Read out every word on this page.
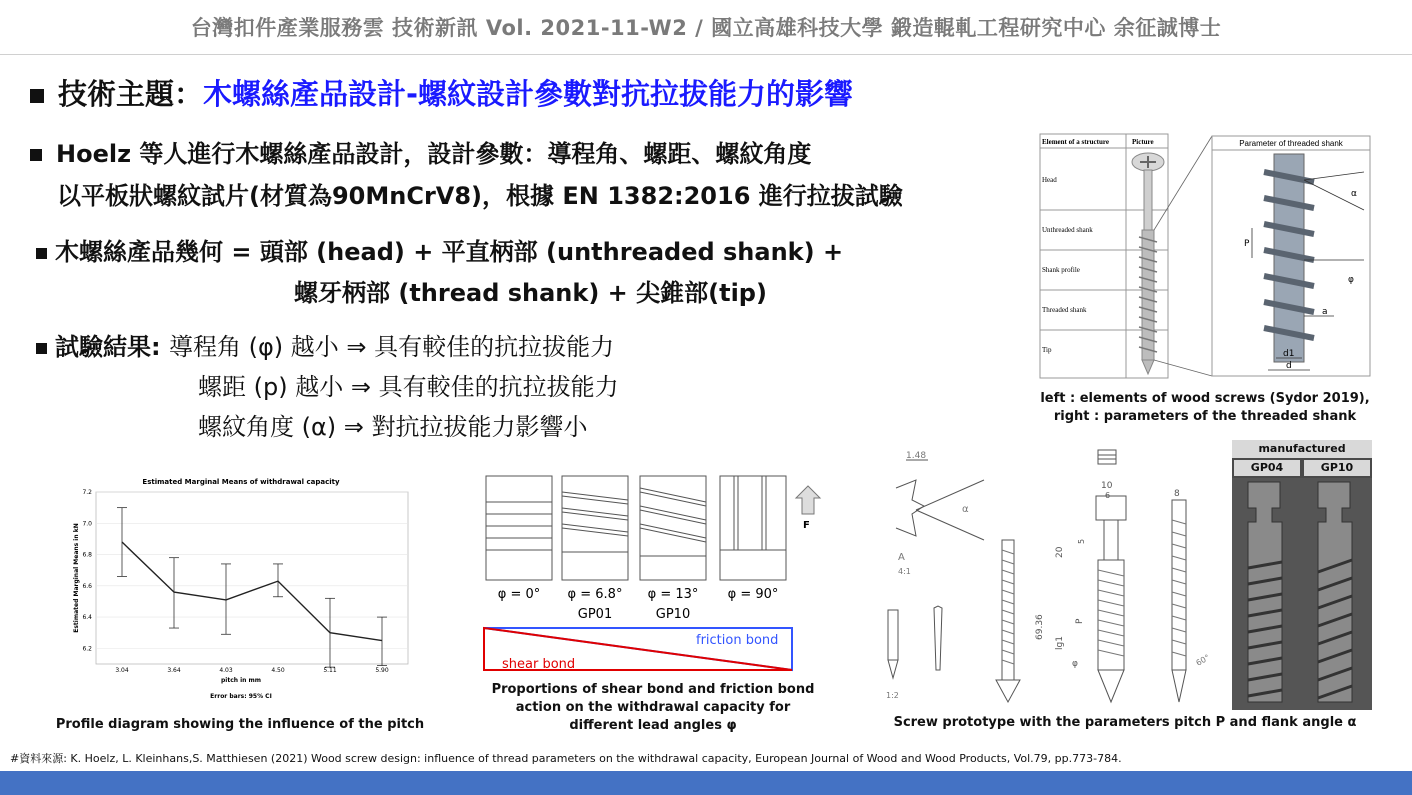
台灣扣件產業服務雲 技術新訊 Vol. 2021-11-W2 / 國立高雄科技大學 鍛造輥軋工程研究中心 余征誠博士
技術主題：木螺絲產品設計-螺紋設計參數對抗拉拔能力的影響
Hoelz 等人進行木螺絲產品設計，設計參數：導程角、螺距、螺紋角度
以平板狀螺紋試片(材質為90MnCrV8)，根據 EN 1382:2016 進行拉拔試驗
木螺絲產品幾何 = 頭部 (head) + 平直柄部 (unthreaded shank) +
螺牙柄部 (thread shank) + 尖錐部(tip)
試驗結果: 導程角 (φ) 越小 ⇒ 具有較佳的抗拉拔能力
螺距 (p) 越小 ⇒ 具有較佳的抗拉拔能力
螺紋角度 (α) ⇒ 對抗拉拔能力影響小
Element of a structure	Picture
Head
Unthreaded shank
Shank profile
Threaded shank
Tip
Parameter of threaded shank
α
P
φ
a
d1
d
left : elements of wood screws (Sydor 2019),
right : parameters of the threaded shank
Estimated Marginal Means of withdrawal capacity
7.2
7.0
6.8
6.6
6.4
6.2
3.04	3.64	4.03	4.50	5.11	5.90
pitch in mm
Error bars: 95% CI
Estimated Marginal Means in kN
Profile diagram showing the influence of the pitch
F
φ = 0° φ = 6.8° φ = 13° φ = 90°
GP01	GP10
friction bond
shear bond
Proportions of shear bond and friction bond
action on the withdrawal capacity for
different lead angles φ
1.48
α
A
4:1
1:2
10
6	8
20
5
69.36
lg1
P
φ	60°
manufactured
GP04	GP10
Screw prototype with the parameters pitch P and flank angle α
#資料來源: K. Hoelz, L. Kleinhans,S. Matthiesen (2021) Wood screw design: influence of thread parameters on the withdrawal capacity, European Journal of Wood and Wood Products, Vol.79, pp.773-784.
